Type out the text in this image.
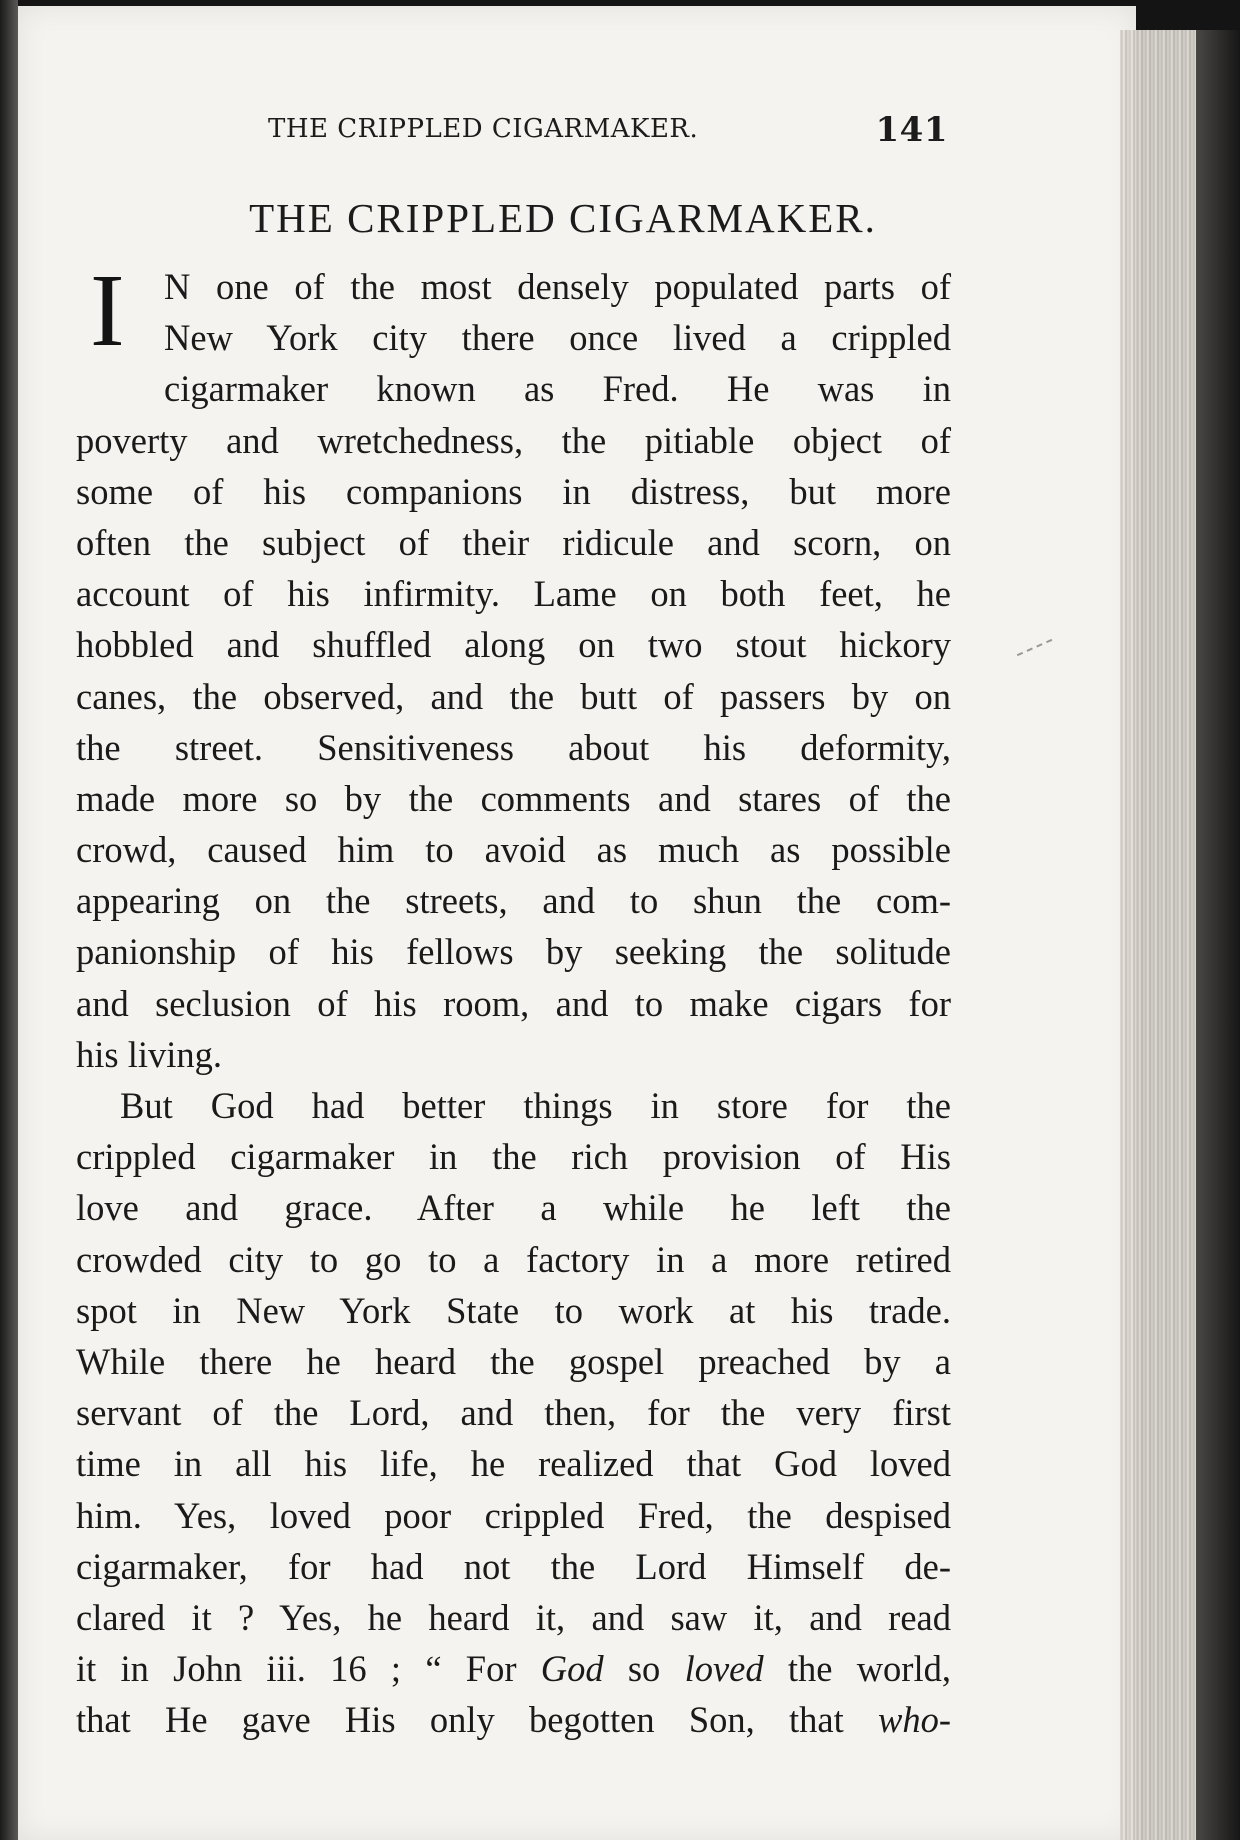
THE CRIPPLED CIGARMAKER.	141
THE CRIPPLED CIGARMAKER.
I	N one of the most densely populated parts of
New York city there once lived a crippled
cigarmaker known as Fred. He was in
poverty and wretchedness, the pitiable object of
some of his companions in distress, but more
often the subject of their ridicule and scorn, on
account of his infirmity. Lame on both feet, he
hobbled and shuffled along on two stout hickory
canes, the observed, and the butt of passers by on
the street. Sensitiveness about his deformity,
made more so by the comments and stares of the
crowd, caused him to avoid as much as possible
appearing on the streets, and to shun the com-
panionship of his fellows by seeking the solitude
and seclusion of his room, and to make cigars for
his living.
But God had better things in store for the
crippled cigarmaker in the rich provision of His
love and grace. After a while he left the
crowded city to go to a factory in a more retired
spot in New York State to work at his trade.
While there he heard the gospel preached by a
servant of the Lord, and then, for the very first
time in all his life, he realized that God loved
him. Yes, loved poor crippled Fred, the despised
cigarmaker, for had not the Lord Himself de-
clared it ? Yes, he heard it, and saw it, and read
it in John iii. 16 ; “ For God so loved the world,
that He gave His only begotten Son, that who-
